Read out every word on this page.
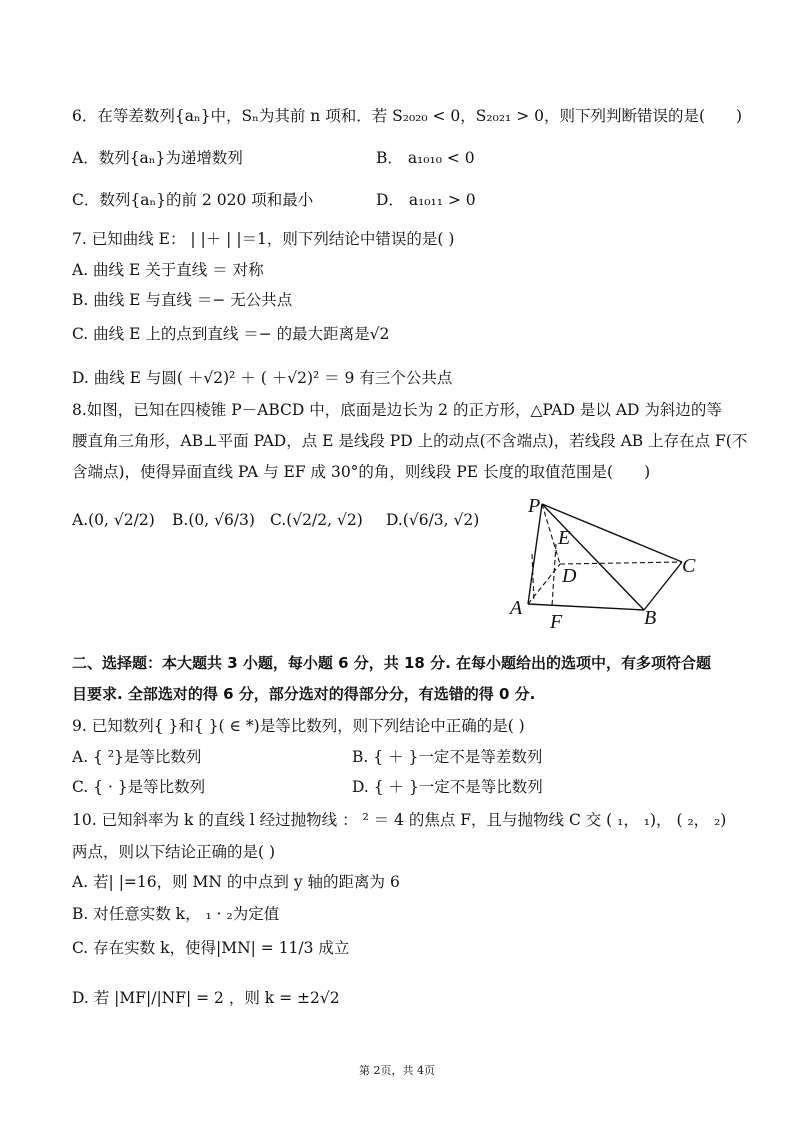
6．在等差数列{aₙ}中，Sₙ为其前 n 项和．若 S₂₀₂₀ < 0，S₂₀₂₁ > 0，则下列判断错误的是(　　)
A．数列{aₙ}为递增数列	B． a₁₀₁₀ < 0
C．数列{aₙ}的前 2 020 项和最小	D． a₁₀₁₁ > 0
7. 已知曲线 E： | |＋ | |＝1，则下列结论中错误的是( )
A. 曲线 E 关于直线 ＝ 对称
B. 曲线 E 与直线 ＝− 无公共点
C. 曲线 E 上的点到直线 ＝− 的最大距离是√2
D. 曲线 E 与圆( ＋√2)² ＋ ( ＋√2)² ＝ 9 有三个公共点
8.如图，已知在四棱锥 P－ABCD 中，底面是边长为 2 的正方形，△PAD 是以 AD 为斜边的等
腰直角三角形，AB⊥平面 PAD，点 E 是线段 PD 上的动点(不含端点)，若线段 AB 上存在点 F(不
含端点)，使得异面直线 PA 与 EF 成 30°的角，则线段 PE 长度的取值范围是(　　)
A.(0, √2/2) B.(0, √6/3) C.(√2/2, √2) D.(√6/3, √2)
P
E
D	C
A
F	B
二、选择题：本大题共 3 小题，每小题 6 分，共 18 分. 在每小题给出的选项中，有多项符合题
目要求. 全部选对的得 6 分，部分选对的得部分分，有选错的得 0 分.
9. 已知数列{ }和{ }( ∈ *)是等比数列，则下列结论中正确的是( )
A. { ²}是等比数列	B. { ＋ }一定不是等差数列
C. { · }是等比数列	D. { ＋ }一定不是等比数列
10. 已知斜率为 k 的直线 l 经过抛物线 ： ² ＝ 4 的焦点 F，且与抛物线 C 交 ( ₁， ₁)， ( ₂， ₂)
两点，则以下结论正确的是( )
A. 若| |=16，则 MN 的中点到 y 轴的距离为 6
B. 对任意实数 k， ₁ · ₂为定值
C. 存在实数 k，使得|MN| = 11/3 成立
D. 若 |MF|/|NF| = 2 ，则 k = ±2√2
第 2页，共 4页
